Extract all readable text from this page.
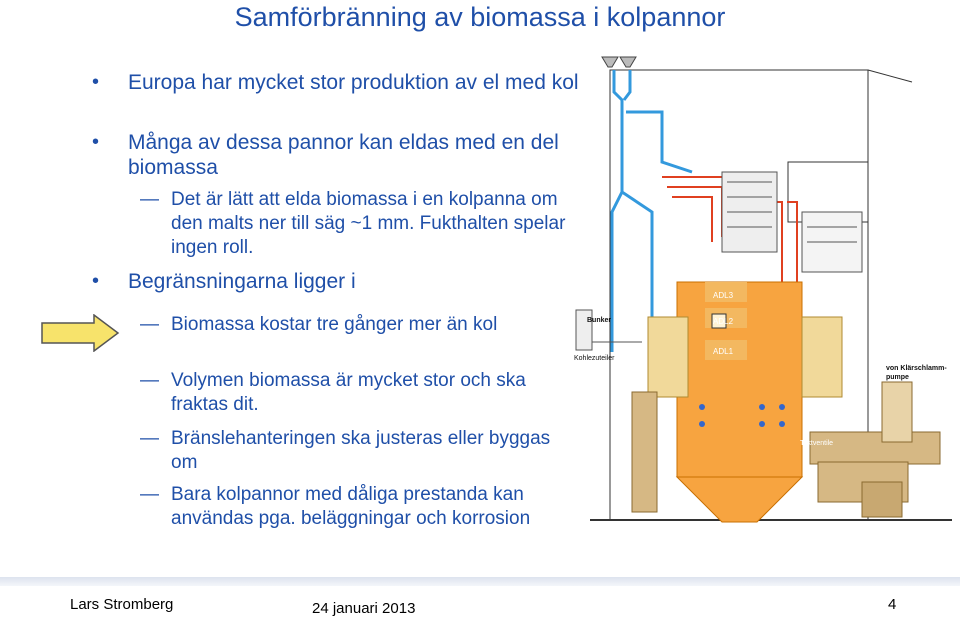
Samförbränning av biomassa i kolpannor
• Europa har mycket stor produktion av el med kol
• Många av dessa pannor kan eldas med en del biomassa
— Det är lätt att elda biomassa i en kolpanna om den malts ner till säg ~1 mm. Fukthalten spelar ingen roll.
• Begränsningarna ligger i
— Biomassa kostar tre gånger mer än kol
— Volymen biomassa är mycket stor och ska fraktas dit.
— Bränslehanteringen ska justeras eller byggas om
— Bara kolpannor med dåliga prestanda kan användas pga. beläggningar och korrosion
ADL3
ADL2
ADL1
Bunker
Kohlezuteiler
Taktventile
von Klärschlamm-pumpe
Lars Stromberg	24 januari 2013	4
